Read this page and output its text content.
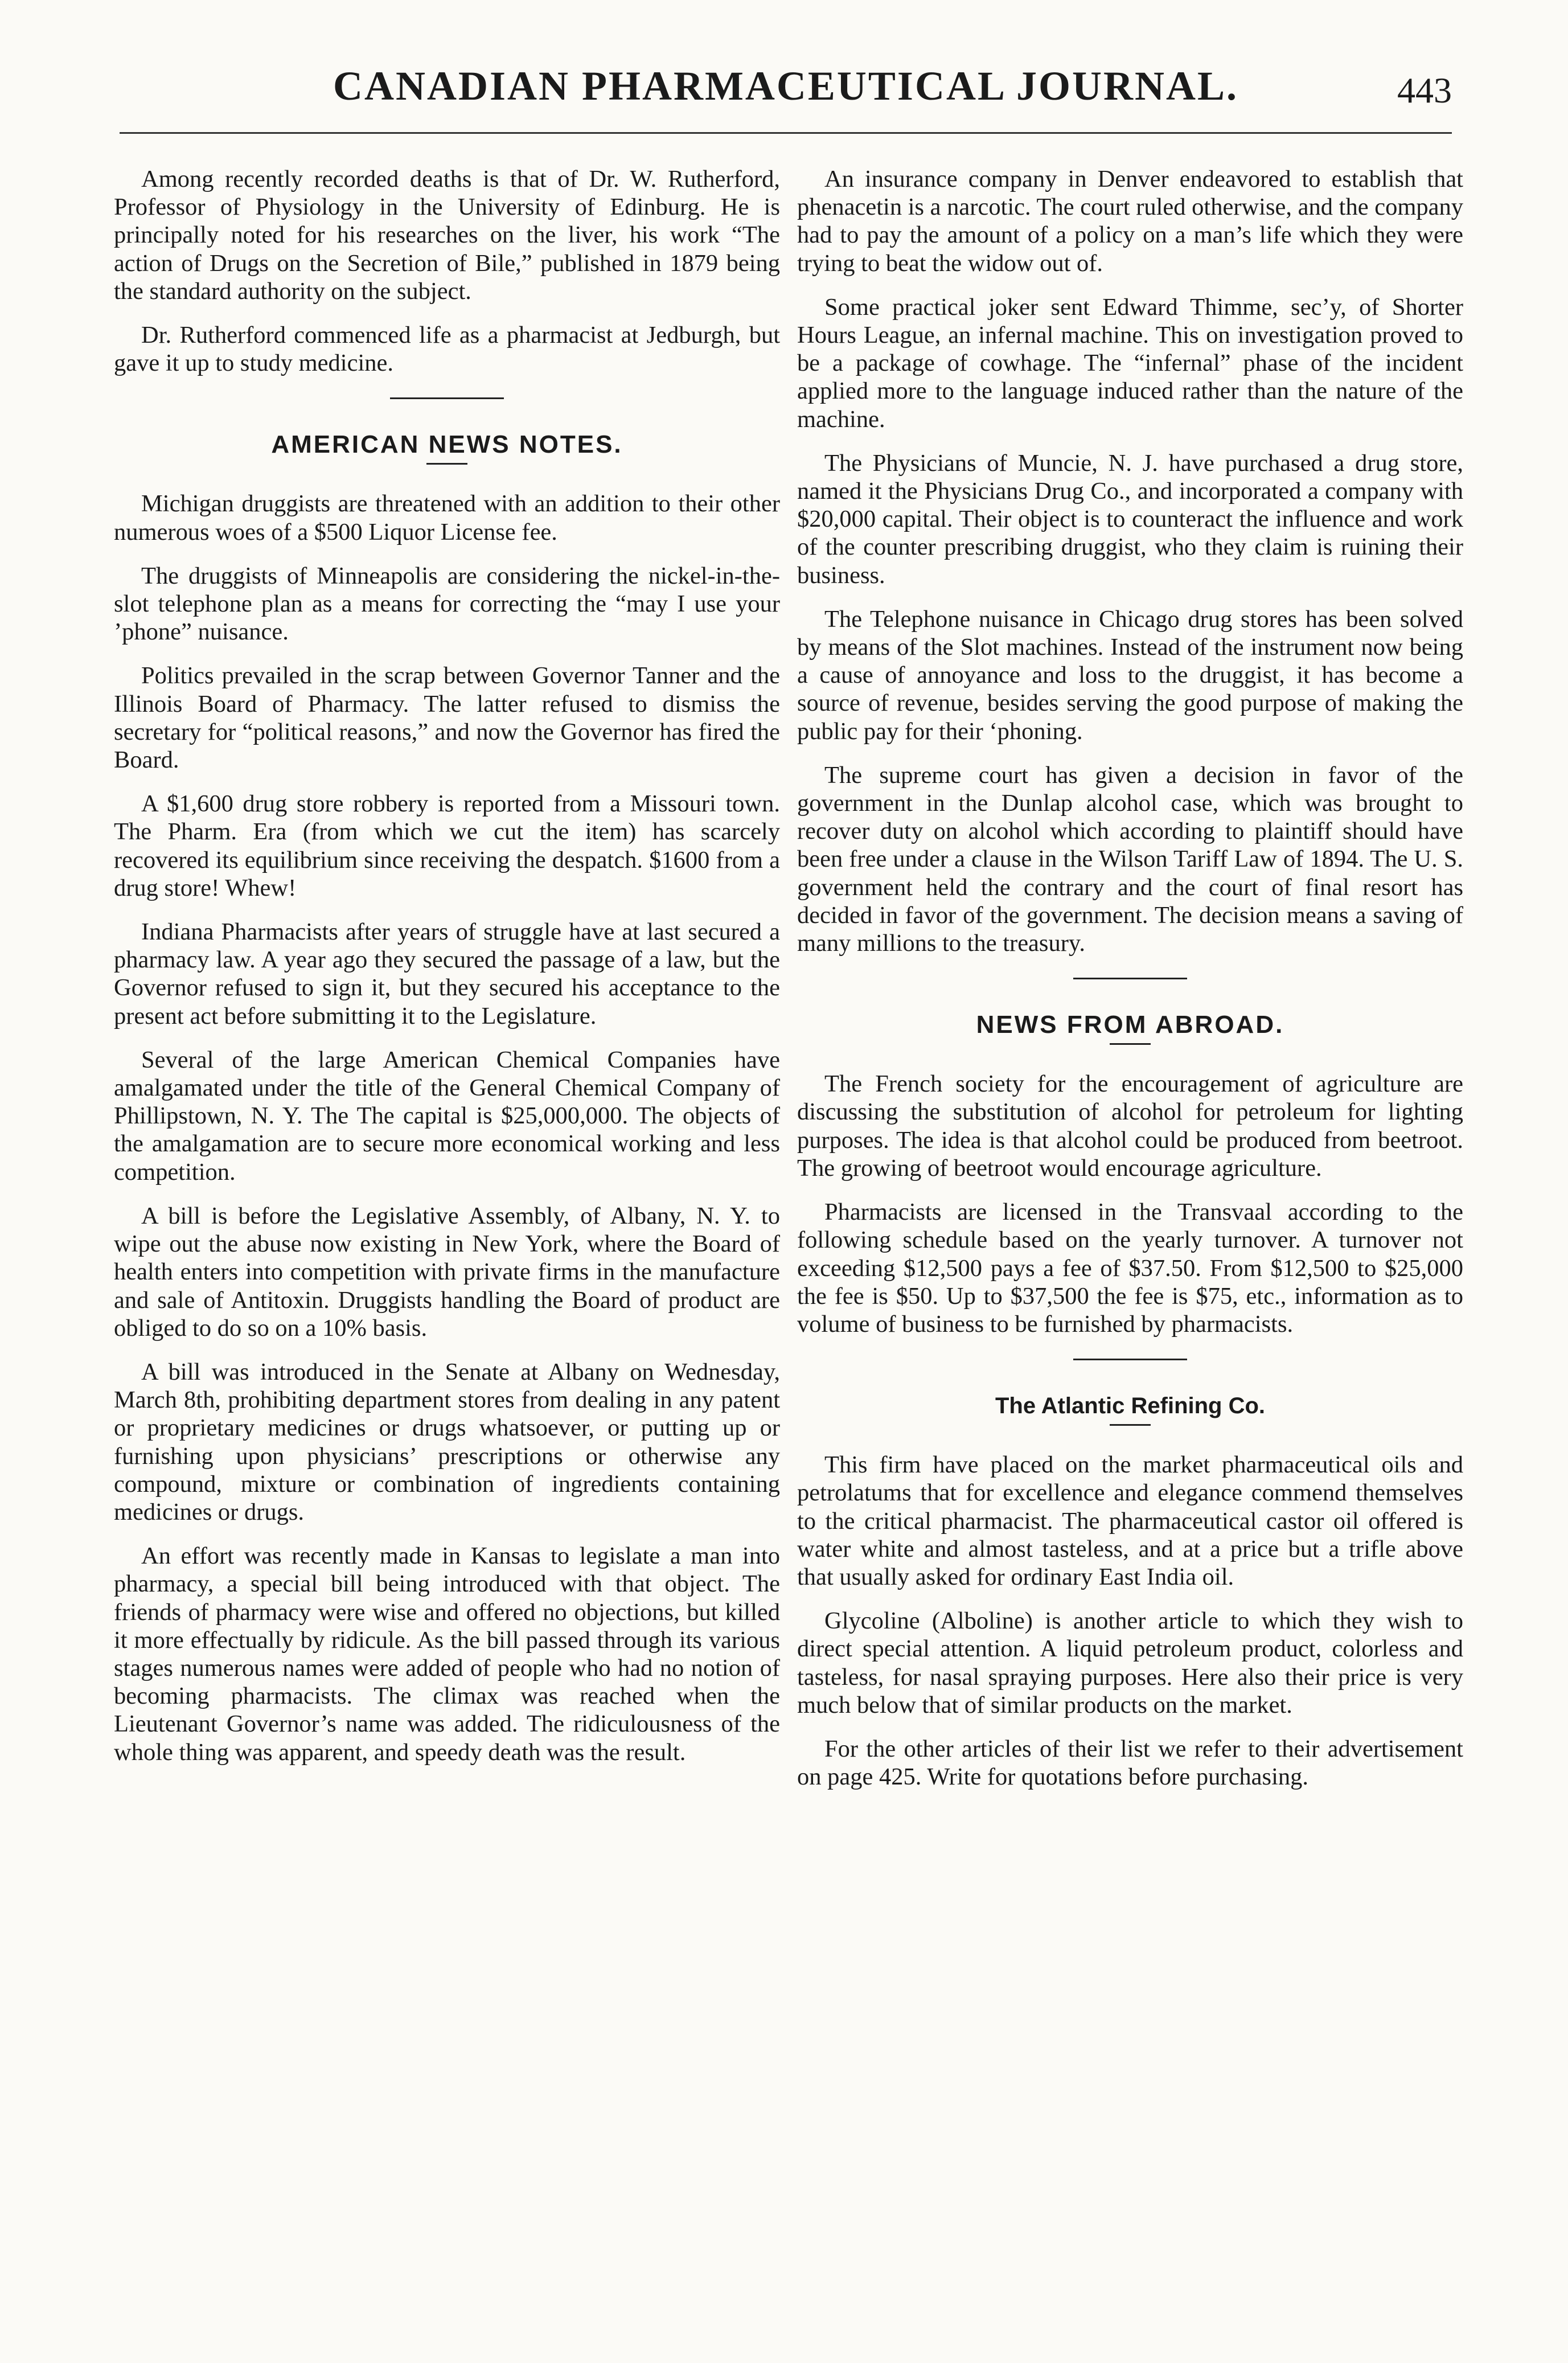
CANADIAN PHARMACEUTICAL JOURNAL.	443

Among recently recorded deaths is that of Dr. W. Rutherford, Professor of Physiology in the University of Edinburg. He is principally noted for his researches on the liver, his work “The action of Drugs on the Secretion of Bile,” published in 1879 being the standard authority on the subject.

Dr. Rutherford commenced life as a pharmacist at Jedburgh, but gave it up to study medicine.

AMERICAN NEWS NOTES.

Michigan druggists are threatened with an addition to their other numerous woes of a $500 Liquor License fee.

The druggists of Minneapolis are considering the nickel-in-the-slot telephone plan as a means for correcting the “may I use your ’phone” nuisance.

Politics prevailed in the scrap between Governor Tanner and the Illinois Board of Pharmacy. The latter refused to dismiss the secretary for “political reasons,” and now the Governor has fired the Board.

A $1,600 drug store robbery is reported from a Missouri town. The Pharm. Era (from which we cut the item) has scarcely recovered its equilibrium since receiving the despatch. $1600 from a drug store! Whew!

Indiana Pharmacists after years of struggle have at last secured a pharmacy law. A year ago they secured the passage of a law, but the Governor refused to sign it, but they secured his acceptance to the present act before submitting it to the Legislature.

Several of the large American Chemical Companies have amalgamated under the title of the General Chemical Company of Phillipstown, N. Y. The The capital is $25,000,000. The objects of the amalgamation are to secure more economical working and less competition.

A bill is before the Legislative Assembly, of Albany, N. Y. to wipe out the abuse now existing in New York, where the Board of health enters into competition with private firms in the manufacture and sale of Antitoxin. Druggists handling the Board of product are obliged to do so on a 10% basis.

A bill was introduced in the Senate at Albany on Wednesday, March 8th, prohibiting department stores from dealing in any patent or proprietary medicines or drugs whatsoever, or putting up or furnishing upon physicians’ prescriptions or otherwise any compound, mixture or combination of ingredients containing medicines or drugs.

An effort was recently made in Kansas to legislate a man into pharmacy, a special bill being introduced with that object. The friends of pharmacy were wise and offered no objections, but killed it more effectually by ridicule. As the bill passed through its various stages numerous names were added of people who had no notion of becoming pharmacists. The climax was reached when the Lieutenant Governor’s name was added. The ridiculousness of the whole thing was apparent, and speedy death was the result.

An insurance company in Denver endeavored to establish that phenacetin is a narcotic. The court ruled otherwise, and the company had to pay the amount of a policy on a man’s life which they were trying to beat the widow out of.

Some practical joker sent Edward Thimme, sec’y, of Shorter Hours League, an infernal machine. This on investigation proved to be a package of cowhage. The “infernal” phase of the incident applied more to the language induced rather than the nature of the machine.

The Physicians of Muncie, N. J. have purchased a drug store, named it the Physicians Drug Co., and incorporated a company with $20,000 capital. Their object is to counteract the influence and work of the counter prescribing druggist, who they claim is ruining their business.

The Telephone nuisance in Chicago drug stores has been solved by means of the Slot machines. Instead of the instrument now being a cause of annoyance and loss to the druggist, it has become a source of revenue, besides serving the good purpose of making the public pay for their ‘phoning.

The supreme court has given a decision in favor of the government in the Dunlap alcohol case, which was brought to recover duty on alcohol which according to plaintiff should have been free under a clause in the Wilson Tariff Law of 1894. The U. S. government held the contrary and the court of final resort has decided in favor of the government. The decision means a saving of many millions to the treasury.

NEWS FROM ABROAD.

The French society for the encouragement of agriculture are discussing the substitution of alcohol for petroleum for lighting purposes. The idea is that alcohol could be produced from beetroot. The growing of beetroot would encourage agriculture.

Pharmacists are licensed in the Transvaal according to the following schedule based on the yearly turnover. A turnover not exceeding $12,500 pays a fee of $37.50. From $12,500 to $25,000 the fee is $50. Up to $37,500 the fee is $75, etc., information as to volume of business to be furnished by pharmacists.

The Atlantic Refining Co.

This firm have placed on the market pharmaceutical oils and petrolatums that for excellence and elegance commend themselves to the critical pharmacist. The pharmaceutical castor oil offered is water white and almost tasteless, and at a price but a trifle above that usually asked for ordinary East India oil.

Glycoline (Alboline) is another article to which they wish to direct special attention. A liquid petroleum product, colorless and tasteless, for nasal spraying purposes. Here also their price is very much below that of similar products on the market.

For the other articles of their list we refer to their advertisement on page 425. Write for quotations before purchasing.
